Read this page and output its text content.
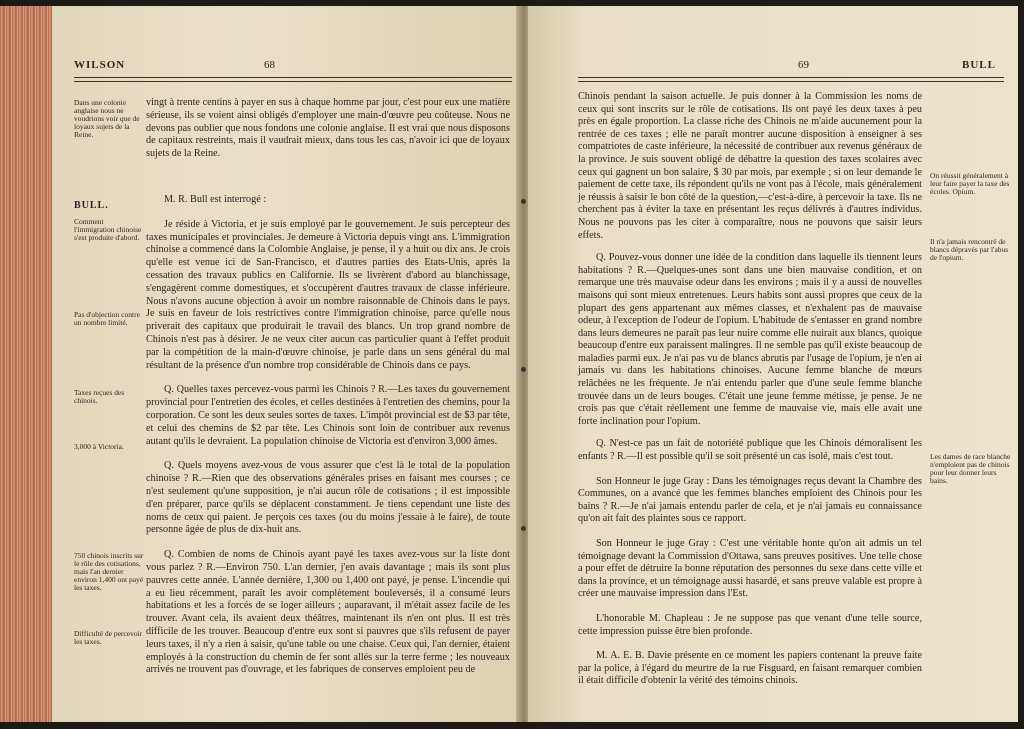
WILSON	68
Dans une colonie anglaise nous ne voudrions voir que de loyaux sujets de la Reine.
BULL.
Comment l'immigration chinoise s'est produite d'abord.
Pas d'objection contre un nombre limité.
Taxes reçues des chinois.
3,000 à Victoria.
750 chinois inscrits sur le rôle des cotisations, mais l'an dernier environ 1,400 ont payé les taxes.
Difficulté de percevoir les taxes.

vingt à trente centins à payer en sus à chaque homme par jour, c'est pour eux une matière sérieuse, ils se voient ainsi obligés d'employer une main-d'œuvre peu coûteuse. Nous ne devons pas oublier que nous fondons une colonie anglaise. Il est vrai que nous disposons de capitaux restreints, mais il vaudrait mieux, dans tous les cas, n'avoir ici que de loyaux sujets de la Reine.

M. R. Bull est interrogé :

Je réside à Victoria, et je suis employé par le gouvernement. Je suis percepteur des taxes municipales et provinciales. Je demeure à Victoria depuis vingt ans. L'immigration chinoise a commencé dans la Colombie Anglaise, je pense, il y a huit ou dix ans. Je crois qu'elle est venue ici de San-Francisco, et d'autres parties des Etats-Unis, après la cessation des travaux publics en Californie. Ils se livrèrent d'abord au blanchissage, s'engagèrent comme domestiques, et s'occupèrent d'autres travaux de classe inférieure. Nous n'avons aucune objection à avoir un nombre raisonnable de Chinois dans le pays. Je suis en faveur de lois restrictives contre l'immigration chinoise, parce qu'elle nous priverait des capitaux que produirait le travail des blancs. Un trop grand nombre de Chinois n'est pas à désirer. Je ne veux citer aucun cas particulier quant à l'effet produit par la compétition de la main-d'œuvre chinoise, je parle dans un sens général du mal résultant de la présence d'un nombre trop considérable de Chinois dans ce pays.

Q. Quelles taxes percevez-vous parmi les Chinois ? R.—Les taxes du gouvernement provincial pour l'entretien des écoles, et celles destinées à l'entretien des chemins, pour la corporation. Ce sont les deux seules sortes de taxes. L'impôt provincial est de $3 par tête, et celui des chemins de $2 par tête. Les Chinois sont loin de contribuer aux revenus autant qu'ils le devraient. La population chinoise de Victoria est d'environ 3,000 âmes.

Q. Quels moyens avez-vous de vous assurer que c'est là le total de la population chinoise ? R.—Rien que des observations générales prises en faisant mes courses ; ce n'est seulement qu'une supposition, je n'ai aucun rôle de cotisations ; il est impossible d'en préparer, parce qu'ils se déplacent constamment. Je tiens cependant une liste des noms de ceux qui paient. Je perçois ces taxes (ou du moins j'essaie à le faire), de toute personne âgée de plus de dix-huit ans.

Q. Combien de noms de Chinois ayant payé les taxes avez-vous sur la liste dont vous parlez ? R.—Environ 750. L'an dernier, j'en avais davantage ; mais ils sont plus pauvres cette année. L'année dernière, 1,300 ou 1,400 ont payé, je pense. L'incendie qui a eu lieu récemment, paraît les avoir complètement bouleversés, il a consumé leurs habitations et les a forcés de se loger ailleurs ; auparavant, il m'était assez facile de les trouver. Avant cela, ils avaient deux théâtres, maintenant ils n'en ont plus. Il est très difficile de les trouver. Beaucoup d'entre eux sont si pauvres que s'ils refusent de payer leurs taxes, il n'y a rien à saisir, qu'une table ou une chaise. Ceux qui, l'an dernier, étaient employés à la construction du chemin de fer sont allés sur la terre ferme ; les nouveaux arrivés ne trouvent pas d'ouvrage, et les fabriques de conserves emploient peu de

69	BULL

Chinois pendant la saison actuelle. Je puis donner à la Commission les noms de ceux qui sont inscrits sur le rôle de cotisations. Ils ont payé les deux taxes à peu près en égale proportion. La classe riche des Chinois ne m'aide aucunement pour la rentrée de ces taxes ; elle ne paraît montrer aucune disposition à enseigner à ses compatriotes de caste inférieure, la nécessité de contribuer aux revenus généraux de la province. Je suis souvent obligé de débattre la question des taxes scolaires avec ceux qui gagnent un bon salaire, $ 30 par mois, par exemple ; si on leur demande le paiement de cette taxe, ils répondent qu'ils ne vont pas à l'école, mais généralement je réussis à saisir le bon côté de la question,—c'est-à-dire, à percevoir la taxe. Ils ne cherchent pas à éviter la taxe en présentant les reçus délivrés à d'autres individus. Nous ne pouvons pas les citer à comparaître, nous ne pouvons que saisir leurs effets.

Q. Pouvez-vous donner une idée de la condition dans laquelle ils tiennent leurs habitations ? R.—Quelques-unes sont dans une bien mauvaise condition, et on remarque une très mauvaise odeur dans les environs ; mais il y a aussi de nouvelles maisons qui sont mieux entretenues. Leurs habits sont aussi propres que ceux de la plupart des gens appartenant aux mêmes classes, et n'exhalent pas de mauvaise odeur, à l'exception de l'odeur de l'opium. L'habitude de s'entasser en grand nombre dans leurs demeures ne paraît pas leur nuire comme elle nuirait aux blancs, quoique beaucoup d'entre eux paraissent malingres. Il ne semble pas qu'il existe beaucoup de maladies parmi eux. Je n'ai pas vu de blancs abrutis par l'usage de l'opium, je n'en ai jamais vu dans les habitations chinoises. Aucune femme blanche de mœurs relâchées ne les fréquente. Je n'ai entendu parler que d'une seule femme blanche trouvée dans un de leurs bouges. C'était une jeune femme métisse, je pense. Je ne crois pas que c'était réellement une femme de mauvaise vie, mais elle avait une forte inclination pour l'opium.

Q. N'est-ce pas un fait de notoriété publique que les Chinois démoralisent les enfants ? R.—Il est possible qu'il se soit présenté un cas isolé, mais c'est tout.

Son Honneur le juge Gray : Dans les témoignages reçus devant la Chambre des Communes, on a avancé que les femmes blanches emploient des Chinois pour les bains ? R.—Je n'ai jamais entendu parler de cela, et je n'ai jamais eu connaissance qu'on ait fait des plaintes sous ce rapport.

Son Honneur le juge Gray : C'est une véritable honte qu'on ait admis un tel témoignage devant la Commission d'Ottawa, sans preuves positives. Une telle chose a pour effet de détruire la bonne réputation des personnes du sexe dans cette ville et dans la province, et un témoignage aussi hasardé, et sans preuve valable est propre à créer une mauvaise impression dans l'Est.

L'honorable M. Chapleau : Je ne suppose pas que venant d'une telle source, cette impression puisse être bien profonde.

M. A. E. B. Davie présente en ce moment les papiers contenant la preuve faite par la police, à l'égard du meurtre de la rue Fisguard, en faisant remarquer combien il était difficile d'obtenir la vérité des témoins chinois.

On réussit généralement à leur faire payer la taxe des écoles. Opium.
Il n'a jamais rencontré de blancs dépravés par l'abus de l'opium.
Les dames de race blanche n'emploient pas de chinois pour leur donner leurs bains.
